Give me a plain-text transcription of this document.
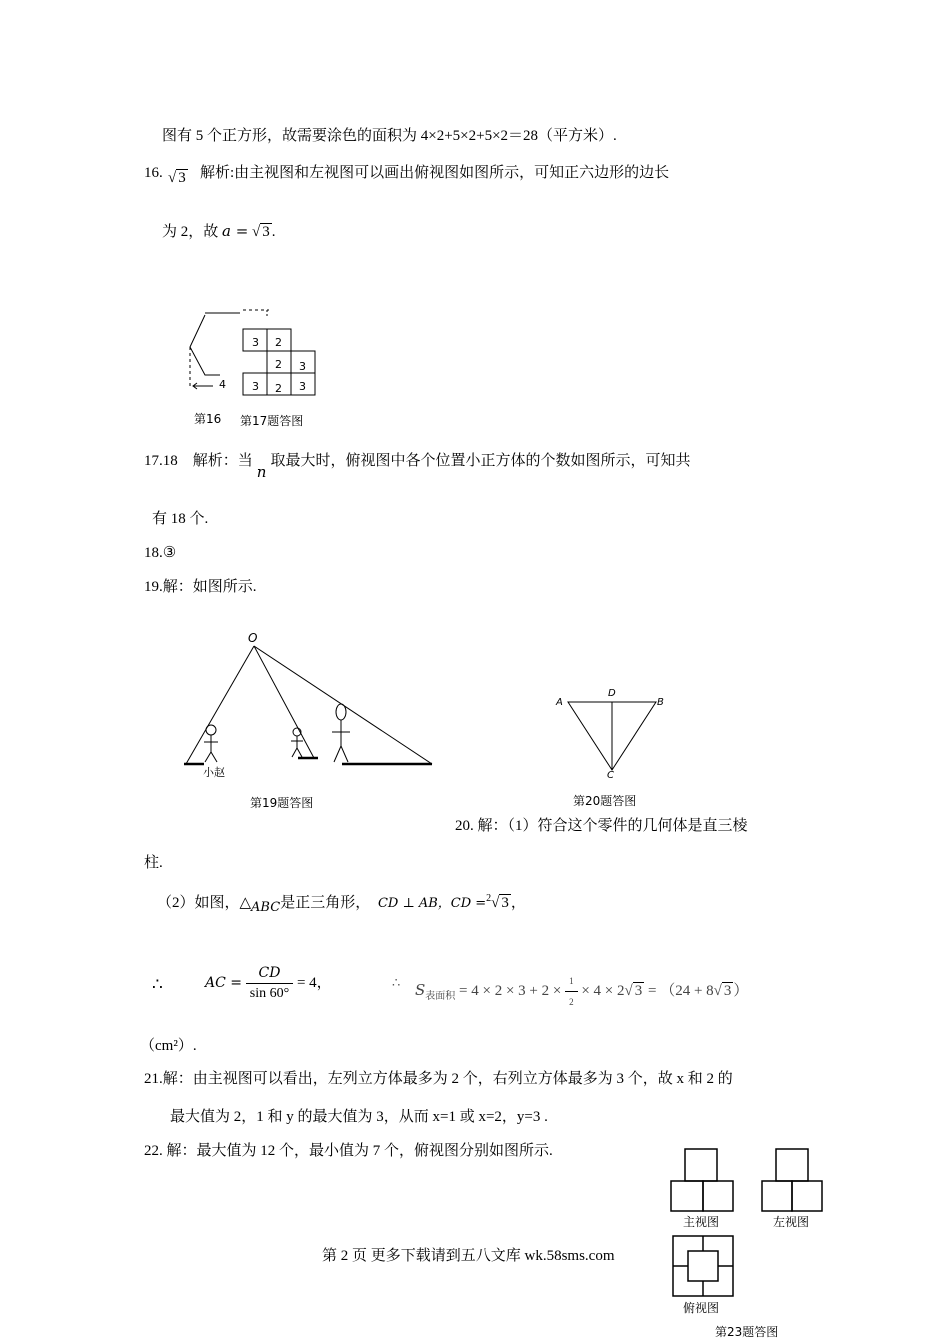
图有 5 个正方形，故需要涂色的面积为 4×2+5×2+5×2＝28（平方米）.
16. √ 3 解析:由主视图和左视图可以画出俯视图如图所示，可知正六边形的边长
为 2，故 a = √ 3 .
3 2
2 3
3 2 3
4
第16 第17题答图
17.18　解析：当n取最大时，俯视图中各个位置小正方体的个数如图所示，可知共
有 18 个.
18.③
19.解：如图所示.
O
小赵
第19题答图
A
D
B
C
第20题答图
20. 解：（1）符合这个零件的几何体是直三棱
柱.
（2）如图，△ABC是正三角形， CD ⊥ AB，CD =$^2$√ 3 ，
∴	AC = $\frac{CD}{\sin 60^\circ} = 4$，	∴ $S_{表面积} = 4 \times 2 \times 3 + 2 \times \frac{1}{2} \times 4 \times 2√$ 3 = （24 + 8√ 3 ）
（cm²）.
21.解：由主视图可以看出，左列立方体最多为 2 个，右列立方体最多为 3 个，故 x 和 2 的
最大值为 2，1 和 y 的最大值为 3，从而 x=1 或 x=2，y=3 .
22. 解：最大值为 12 个，最小值为 7 个，俯视图分别如图所示.
主视图	左视图
俯视图
第23题答图
第 2 页 更多下载请到五八文库 wk.58sms.com
